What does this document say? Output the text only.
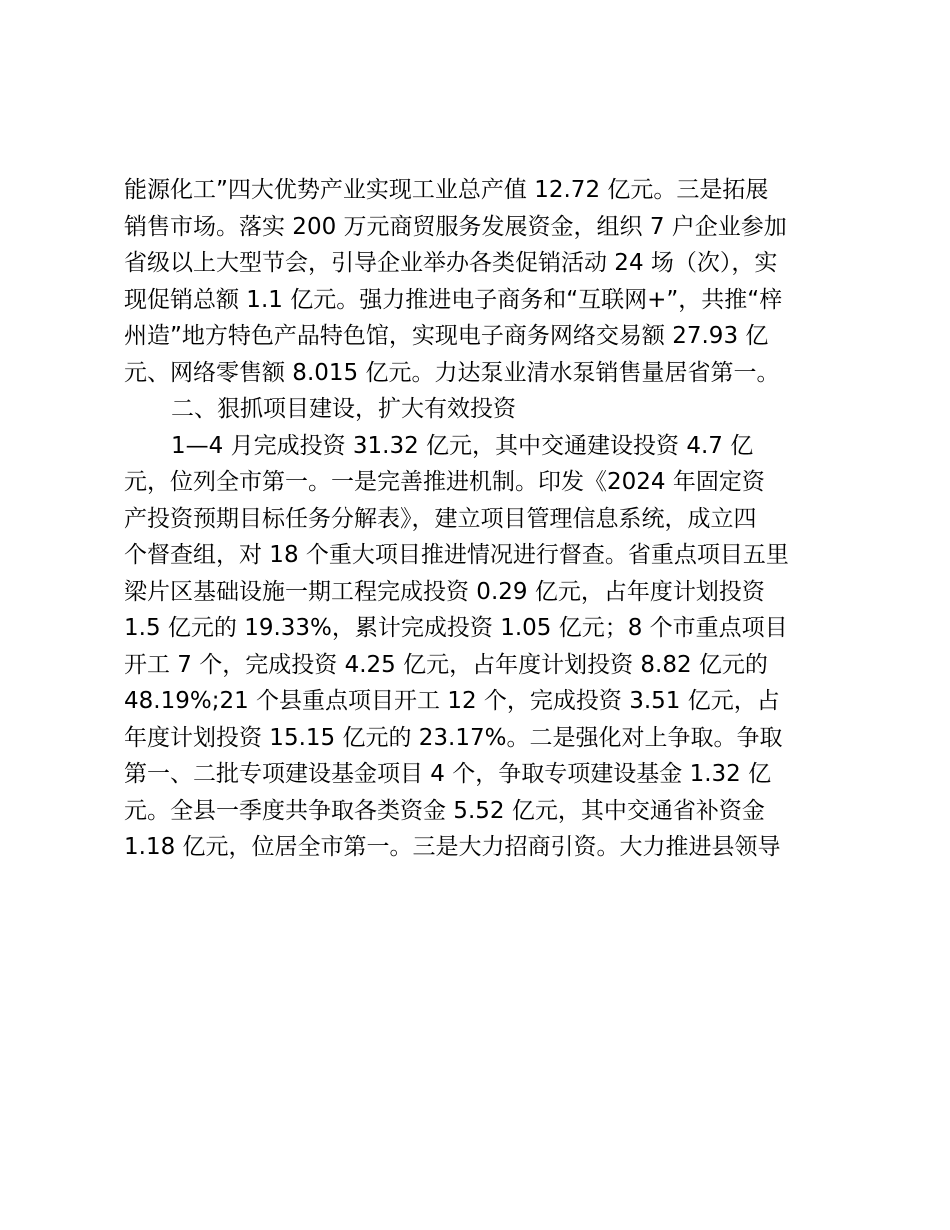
能源化工”四大优势产业实现工业总产值 12.72 亿元。三是拓展
销售市场。落实 200 万元商贸服务发展资金，组织 7 户企业参加
省级以上大型节会，引导企业举办各类促销活动 24 场（次），实
现促销总额 1.1 亿元。强力推进电子商务和“互联网+”，共推“梓
州造”地方特色产品特色馆，实现电子商务网络交易额 27.93 亿
元、网络零售额 8.015 亿元。力达泵业清水泵销售量居省第一。
二、狠抓项目建设，扩大有效投资
1—4 月完成投资 31.32 亿元，其中交通建设投资 4.7 亿
元，位列全市第一。一是完善推进机制。印发《2024 年固定资
产投资预期目标任务分解表》，建立项目管理信息系统，成立四
个督查组，对 18 个重大项目推进情况进行督查。省重点项目五里
梁片区基础设施一期工程完成投资 0.29 亿元，占年度计划投资
1.5 亿元的 19.33%，累计完成投资 1.05 亿元；8 个市重点项目
开工 7 个，完成投资 4.25 亿元，占年度计划投资 8.82 亿元的
48.19%;21 个县重点项目开工 12 个，完成投资 3.51 亿元，占
年度计划投资 15.15 亿元的 23.17%。二是强化对上争取。争取
第一、二批专项建设基金项目 4 个，争取专项建设基金 1.32 亿
元。全县一季度共争取各类资金 5.52 亿元，其中交通省补资金
1.18 亿元，位居全市第一。三是大力招商引资。大力推进县领导
